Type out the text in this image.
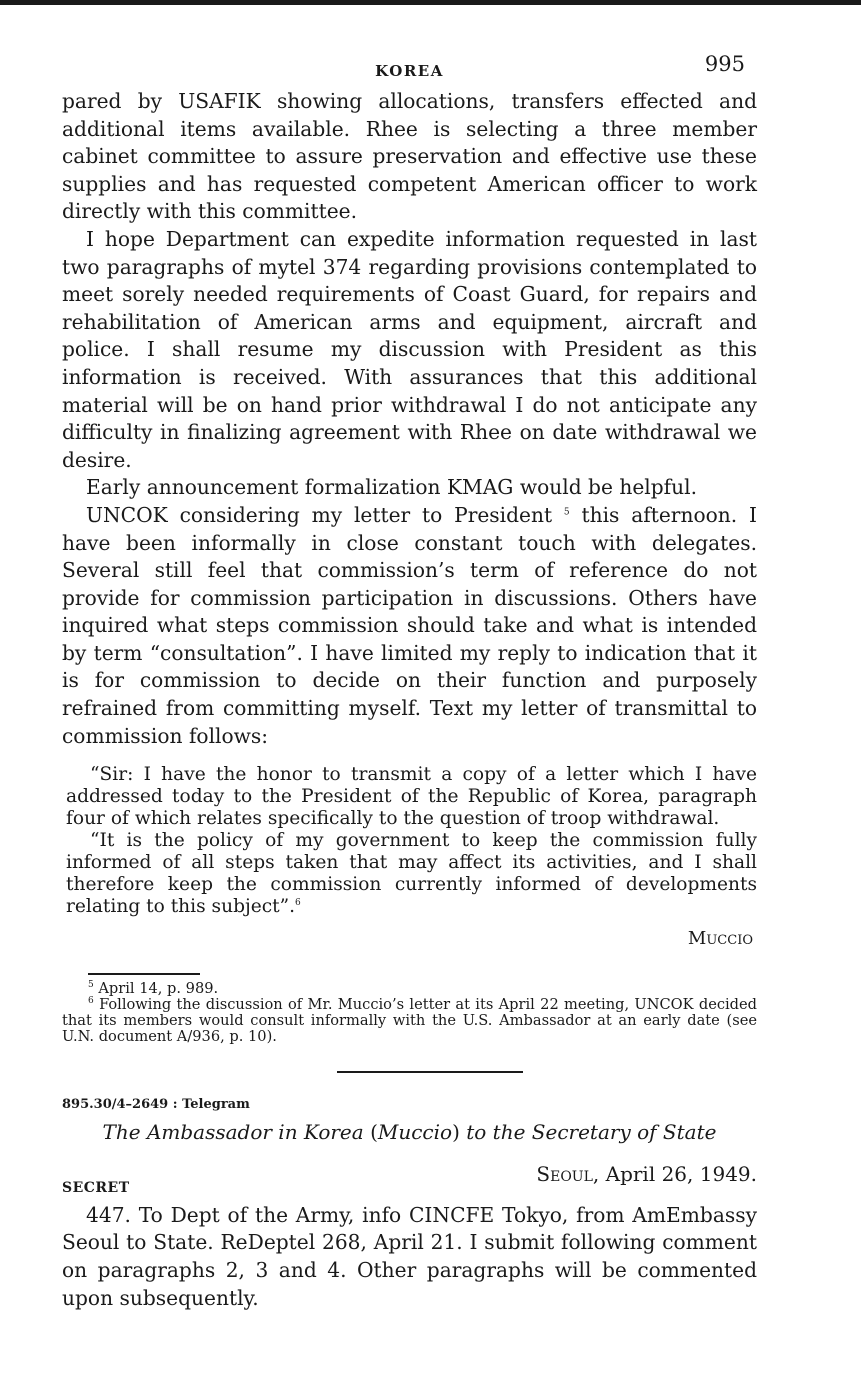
KOREA	995

pared by USAFIK showing allocations, transfers effected and additional items available. Rhee is selecting a three member cabinet committee to assure preservation and effective use these supplies and has requested competent American officer to work directly with this committee.

I hope Department can expedite information requested in last two paragraphs of mytel 374 regarding provisions contemplated to meet sorely needed requirements of Coast Guard, for repairs and rehabilitation of American arms and equipment, aircraft and police. I shall resume my discussion with President as this information is received. With assurances that this additional material will be on hand prior withdrawal I do not anticipate any difficulty in finalizing agreement with Rhee on date withdrawal we desire.

Early announcement formalization KMAG would be helpful.

UNCOK considering my letter to President $^5$ this afternoon. I have been informally in close constant touch with delegates. Several still feel that commission’s term of reference do not provide for commission participation in discussions. Others have inquired what steps commission should take and what is intended by term “consultation”. I have limited my reply to indication that it is for commission to decide on their function and purposely refrained from committing myself. Text my letter of transmittal to commission follows:

“Sir: I have the honor to transmit a copy of a letter which I have addressed today to the President of the Republic of Korea, paragraph four of which relates specifically to the question of troop withdrawal.

“It is the policy of my government to keep the commission fully informed of all steps taken that may affect its activities, and I shall therefore keep the commission currently informed of developments relating to this subject”.$^6$

Muccio

$^5$ April 14, p. 989.

$^6$ Following the discussion of Mr. Muccio’s letter at its April 22 meeting, UNCOK decided that its members would consult informally with the U.S. Ambassador at an early date (see U.N. document A/936, p. 10).

895.30/4–2649 : Telegram
The Ambassador in Korea (Muccio) to the Secretary of State
SECRET
Seoul, April 26, 1949.

447. To Dept of the Army, info CINCFE Tokyo, from AmEmbassy Seoul to State. ReDeptel 268, April 21. I submit following comment on paragraphs 2, 3 and 4. Other paragraphs will be commented upon subsequently.
